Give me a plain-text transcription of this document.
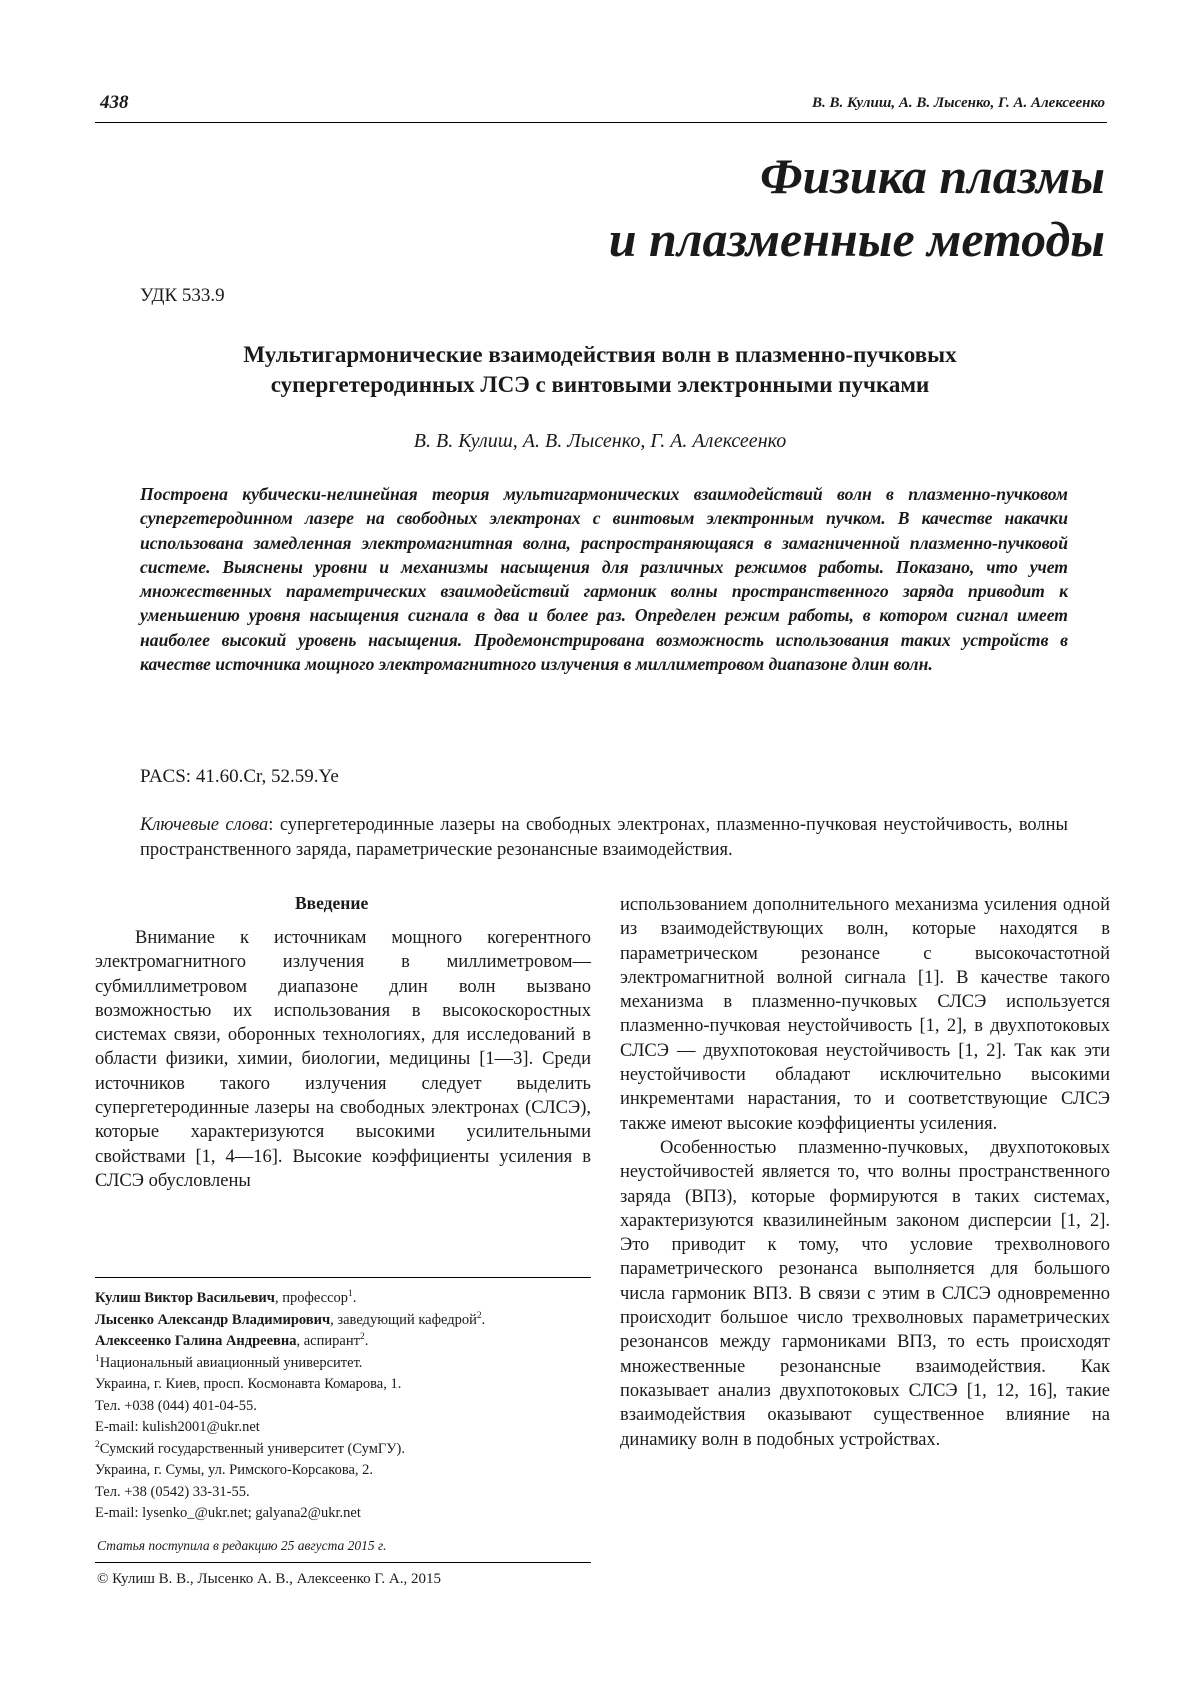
438	В. В. Кулиш, А. В. Лысенко, Г. А. Алексеенко
Физика плазмы
и плазменные методы
УДК 533.9
Мультигармонические взаимодействия волн в плазменно-пучковых
супергетеродинных ЛСЭ с винтовыми электронными пучками
В. В. Кулиш, А. В. Лысенко, Г. А. Алексеенко
Построена кубически-нелинейная теория мультигармонических взаимодействий волн в плазменно-пучковом супергетеродинном лазере на свободных электронах с винтовым электронным пучком. В качестве накачки использована замедленная электромагнитная волна, распространяющаяся в замагниченной плазменно-пучковой системе. Выяснены уровни и механизмы насыщения для различных режимов работы. Показано, что учет множественных параметрических взаимодействий гармоник волны пространственного заряда приводит к уменьшению уровня насыщения сигнала в два и более раз. Определен режим работы, в котором сигнал имеет наиболее высокий уровень насыщения. Продемонстрирована возможность использования таких устройств в качестве источника мощного электромагнитного излучения в миллиметровом диапазоне длин волн.
PACS: 41.60.Cr, 52.59.Ye
Ключевые слова: супергетеродинные лазеры на свободных электронах, плазменно-пучковая неустойчивость, волны пространственного заряда, параметрические резонансные взаимодействия.
Введение

Внимание к источникам мощного когерентного электромагнитного излучения в миллиметровом—субмиллиметровом диапазоне длин волн вызвано возможностью их использования в высокоскоростных системах связи, оборонных технологиях, для исследований в области физики, химии, биологии, медицины [1—3]. Среди источников такого излучения следует выделить супергетеродинные лазеры на свободных электронах (СЛСЭ), которые характеризуются высокими усилительными свойствами [1, 4—16]. Высокие коэффициенты усиления в СЛСЭ обусловлены

использованием дополнительного механизма усиления одной из взаимодействующих волн, которые находятся в параметрическом резонансе с высокочастотной электромагнитной волной сигнала [1]. В качестве такого механизма в плазменно-пучковых СЛСЭ используется плазменно-пучковая неустойчивость [1, 2], в двухпотоковых СЛСЭ — двухпотоковая неустойчивость [1, 2]. Так как эти неустойчивости обладают исключительно высокими инкрементами нарастания, то и соответствующие СЛСЭ также имеют высокие коэффициенты усиления.

Особенностью плазменно-пучковых, двухпотоковых неустойчивостей является то, что волны пространственного заряда (ВПЗ), которые формируются в таких системах, характеризуются квазилинейным законом дисперсии [1, 2]. Это приводит к тому, что условие трехволнового параметрического резонанса выполняется для большого числа гармоник ВПЗ. В связи с этим в СЛСЭ одновременно происходит большое число трехволновых параметрических резонансов между гармониками ВПЗ, то есть происходят множественные резонансные взаимодействия. Как показывает анализ двухпотоковых СЛСЭ [1, 12, 16], такие взаимодействия оказывают существенное влияние на динамику волн в подобных устройствах.

Кулиш Виктор Васильевич, профессор$^1$.
Лысенко Александр Владимирович, заведующий кафедрой$^2$.
Алексеенко Галина Андреевна, аспирант$^2$.
$^1$Национальный авиационный университет.
Украина, г. Киев, просп. Космонавта Комарова, 1.
Тел. +038 (044) 401-04-55.
E-mail: kulish2001@ukr.net
$^2$Сумский государственный университет (СумГУ).
Украина, г. Сумы, ул. Римского-Корсакова, 2.
Тел. +38 (0542) 33-31-55.
E-mail: lysenko_@ukr.net; galyana2@ukr.net
Статья поступила в редакцию 25 августа 2015 г.
© Кулиш В. В., Лысенко А. В., Алексеенко Г. А., 2015
